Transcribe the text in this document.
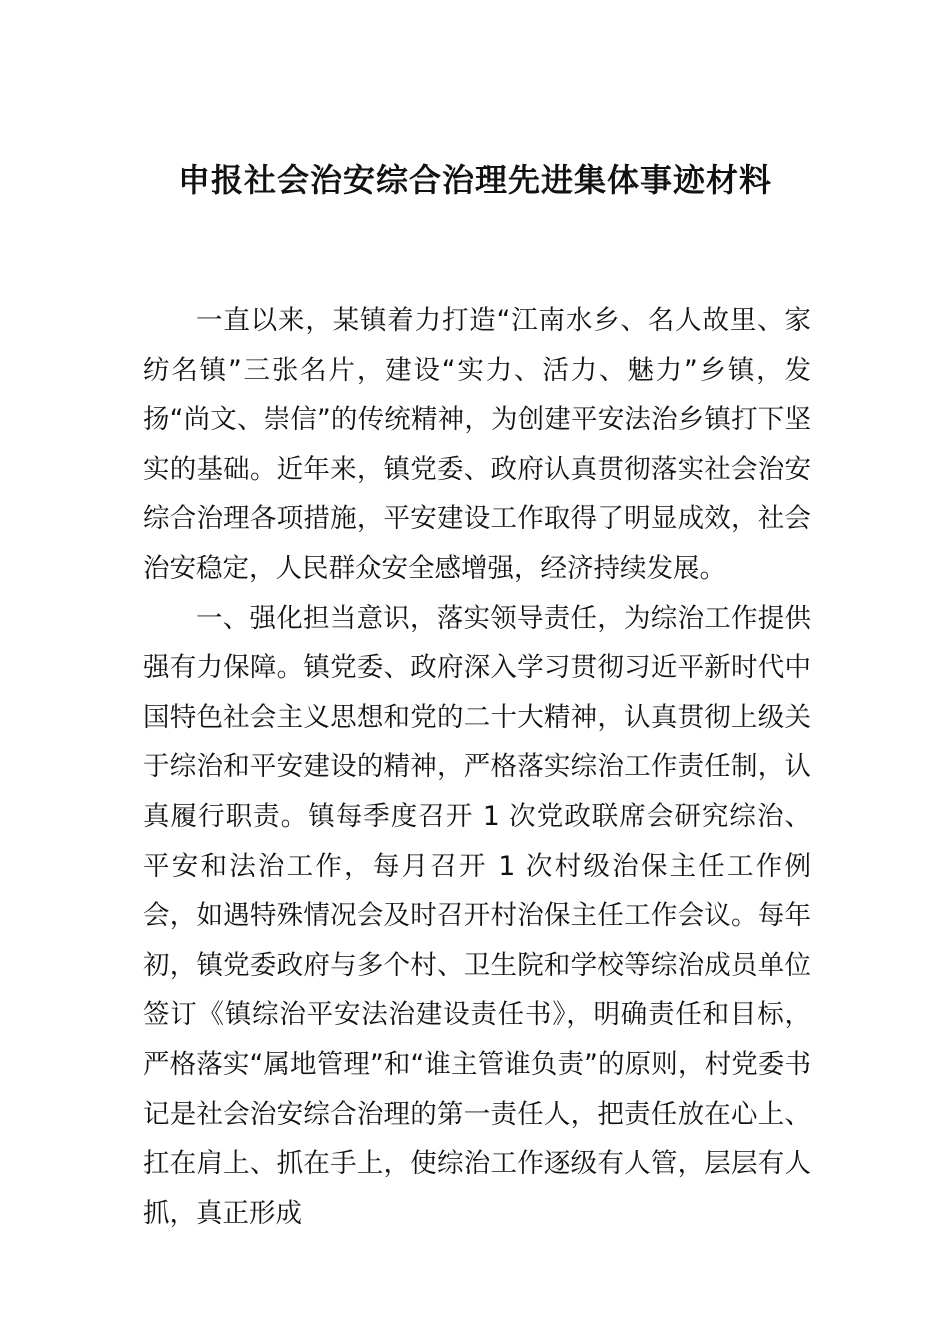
申报社会治安综合治理先进集体事迹材料

一直以来，某镇着力打造“江南水乡、名人故里、家纺名镇”三张名片，建设“实力、活力、魅力”乡镇，发扬“尚文、崇信”的传统精神，为创建平安法治乡镇打下坚实的基础。近年来，镇党委、政府认真贯彻落实社会治安综合治理各项措施，平安建设工作取得了明显成效，社会治安稳定，人民群众安全感增强，经济持续发展。

一、强化担当意识，落实领导责任，为综治工作提供强有力保障。镇党委、政府深入学习贯彻习近平新时代中国特色社会主义思想和党的二十大精神，认真贯彻上级关于综治和平安建设的精神，严格落实综治工作责任制，认真履行职责。镇每季度召开 1 次党政联席会研究综治、平安和法治工作，每月召开 1 次村级治保主任工作例会，如遇特殊情况会及时召开村治保主任工作会议。每年初，镇党委政府与多个村、卫生院和学校等综治成员单位签订《镇综治平安法治建设责任书》，明确责任和目标，严格落实“属地管理”和“谁主管谁负责”的原则，村党委书记是社会治安综合治理的第一责任人，把责任放在心上、扛在肩上、抓在手上，使综治工作逐级有人管，层层有人抓，真正形成
